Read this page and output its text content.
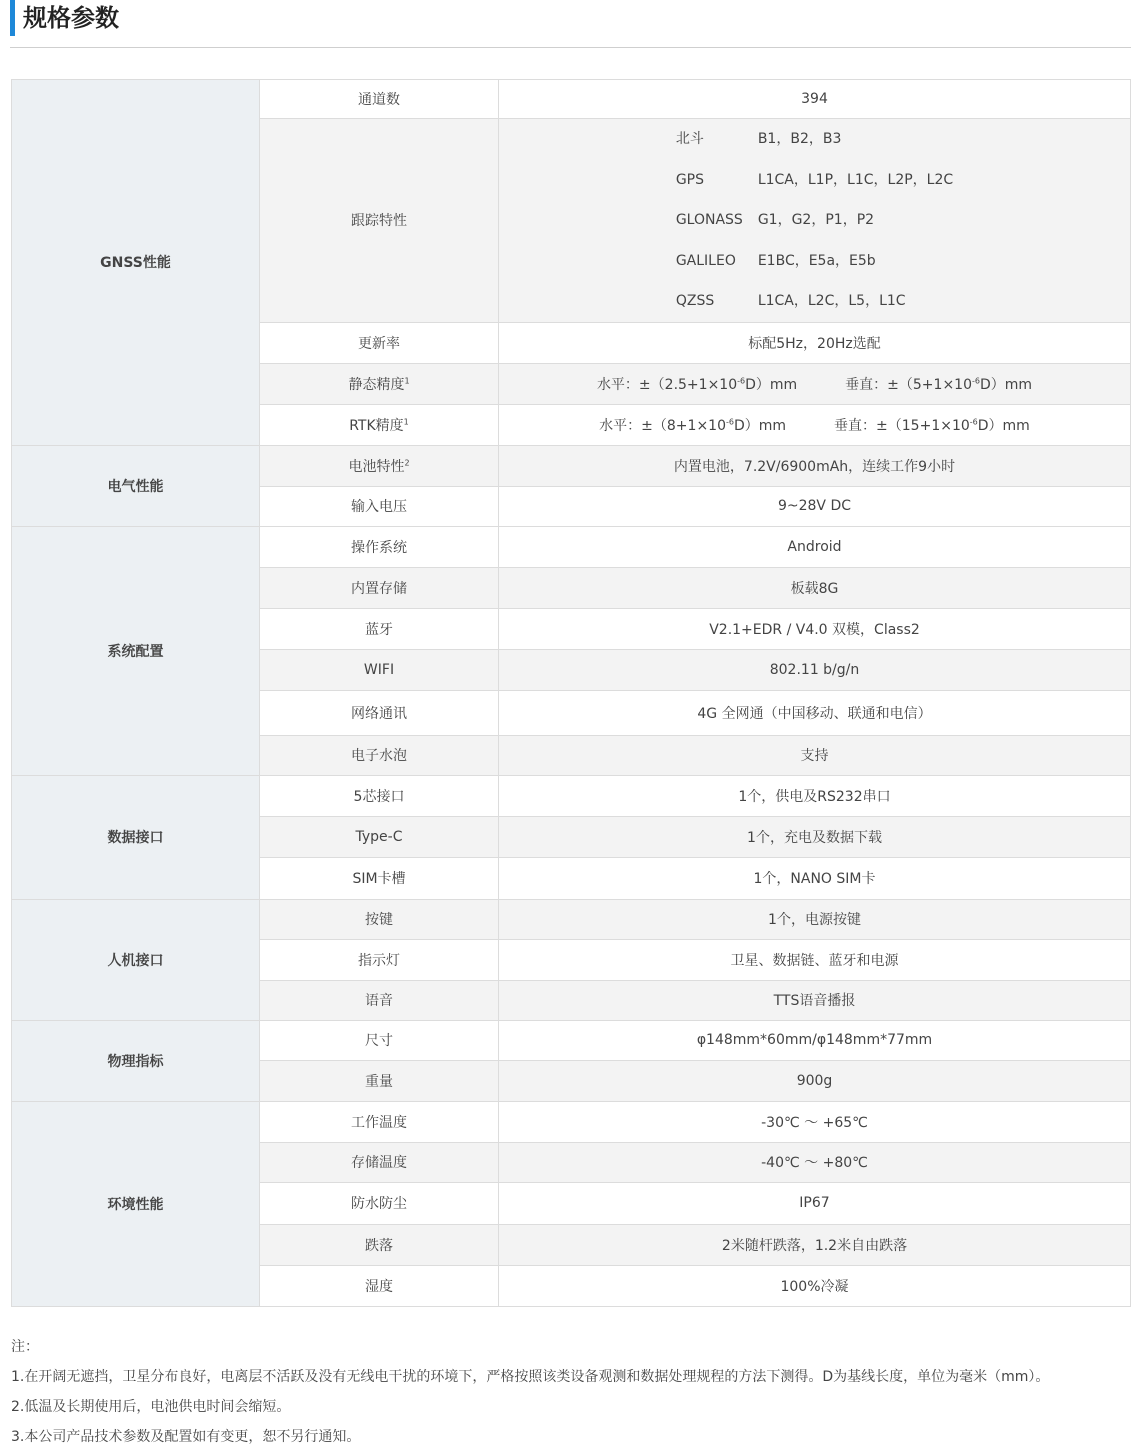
规格参数
GNSS性能	通道数	394
	跟踪特性	北斗 B1，B2，B3
GPS L1CA，L1P，L1C，L2P，L2C
GLONASS G1，G2，P1，P2
GALILEO E1BC，E5a，E5b
QZSS L1CA，L2C，L5，L1C

	更新率	标配5Hz，20Hz选配
	静态精度$^1$	水平：$\pm(2.5+1\times 10^{-6}D)mm$ 垂直：$\pm(5+1\times 10^{-6}D)mm$
	RTK精度$^1$	水平：$\pm(8+1\times 10^{-6}D)mm$ 垂直：$\pm(15+1\times 10^{-6}D)mm$

电气性能	电池特性$^2$	内置电池，7.2V/6900mAh，连续工作9小时
	输入电压	9~28V DC
系统配置	操作系统	Android
	内置存储	板载8G
	蓝牙	V2.1+EDR / V4.0 双模，Class2
	WIFI	802.11 b/g/n
	网络通讯	4G 全网通（中国移动、联通和电信）
	电子水泡	支持
数据接口	5芯接口	1个，供电及RS232串口
	Type-C	1个，充电及数据下载
	SIM卡槽	1个，NANO SIM卡
人机接口	按键	1个，电源按键
	指示灯	卫星、数据链、蓝牙和电源
	语音	TTS语音播报
物理指标	尺寸	φ148mm*60mm/φ148mm*77mm
	重量	900g
环境性能	工作温度	-30℃ ～ +65℃
	存储温度	-40℃ ～ +80℃
	防水防尘	IP67
	跌落	2米随杆跌落，1.2米自由跌落
	湿度	100%冷凝
注：
1.在开阔无遮挡，卫星分布良好，电离层不活跃及没有无线电干扰的环境下，严格按照该类设备观测和数据处理规程的方法下测得。D为基线长度，单位为毫米（mm）。
2.低温及长期使用后，电池供电时间会缩短。
3.本公司产品技术参数及配置如有变更，恕不另行通知。
